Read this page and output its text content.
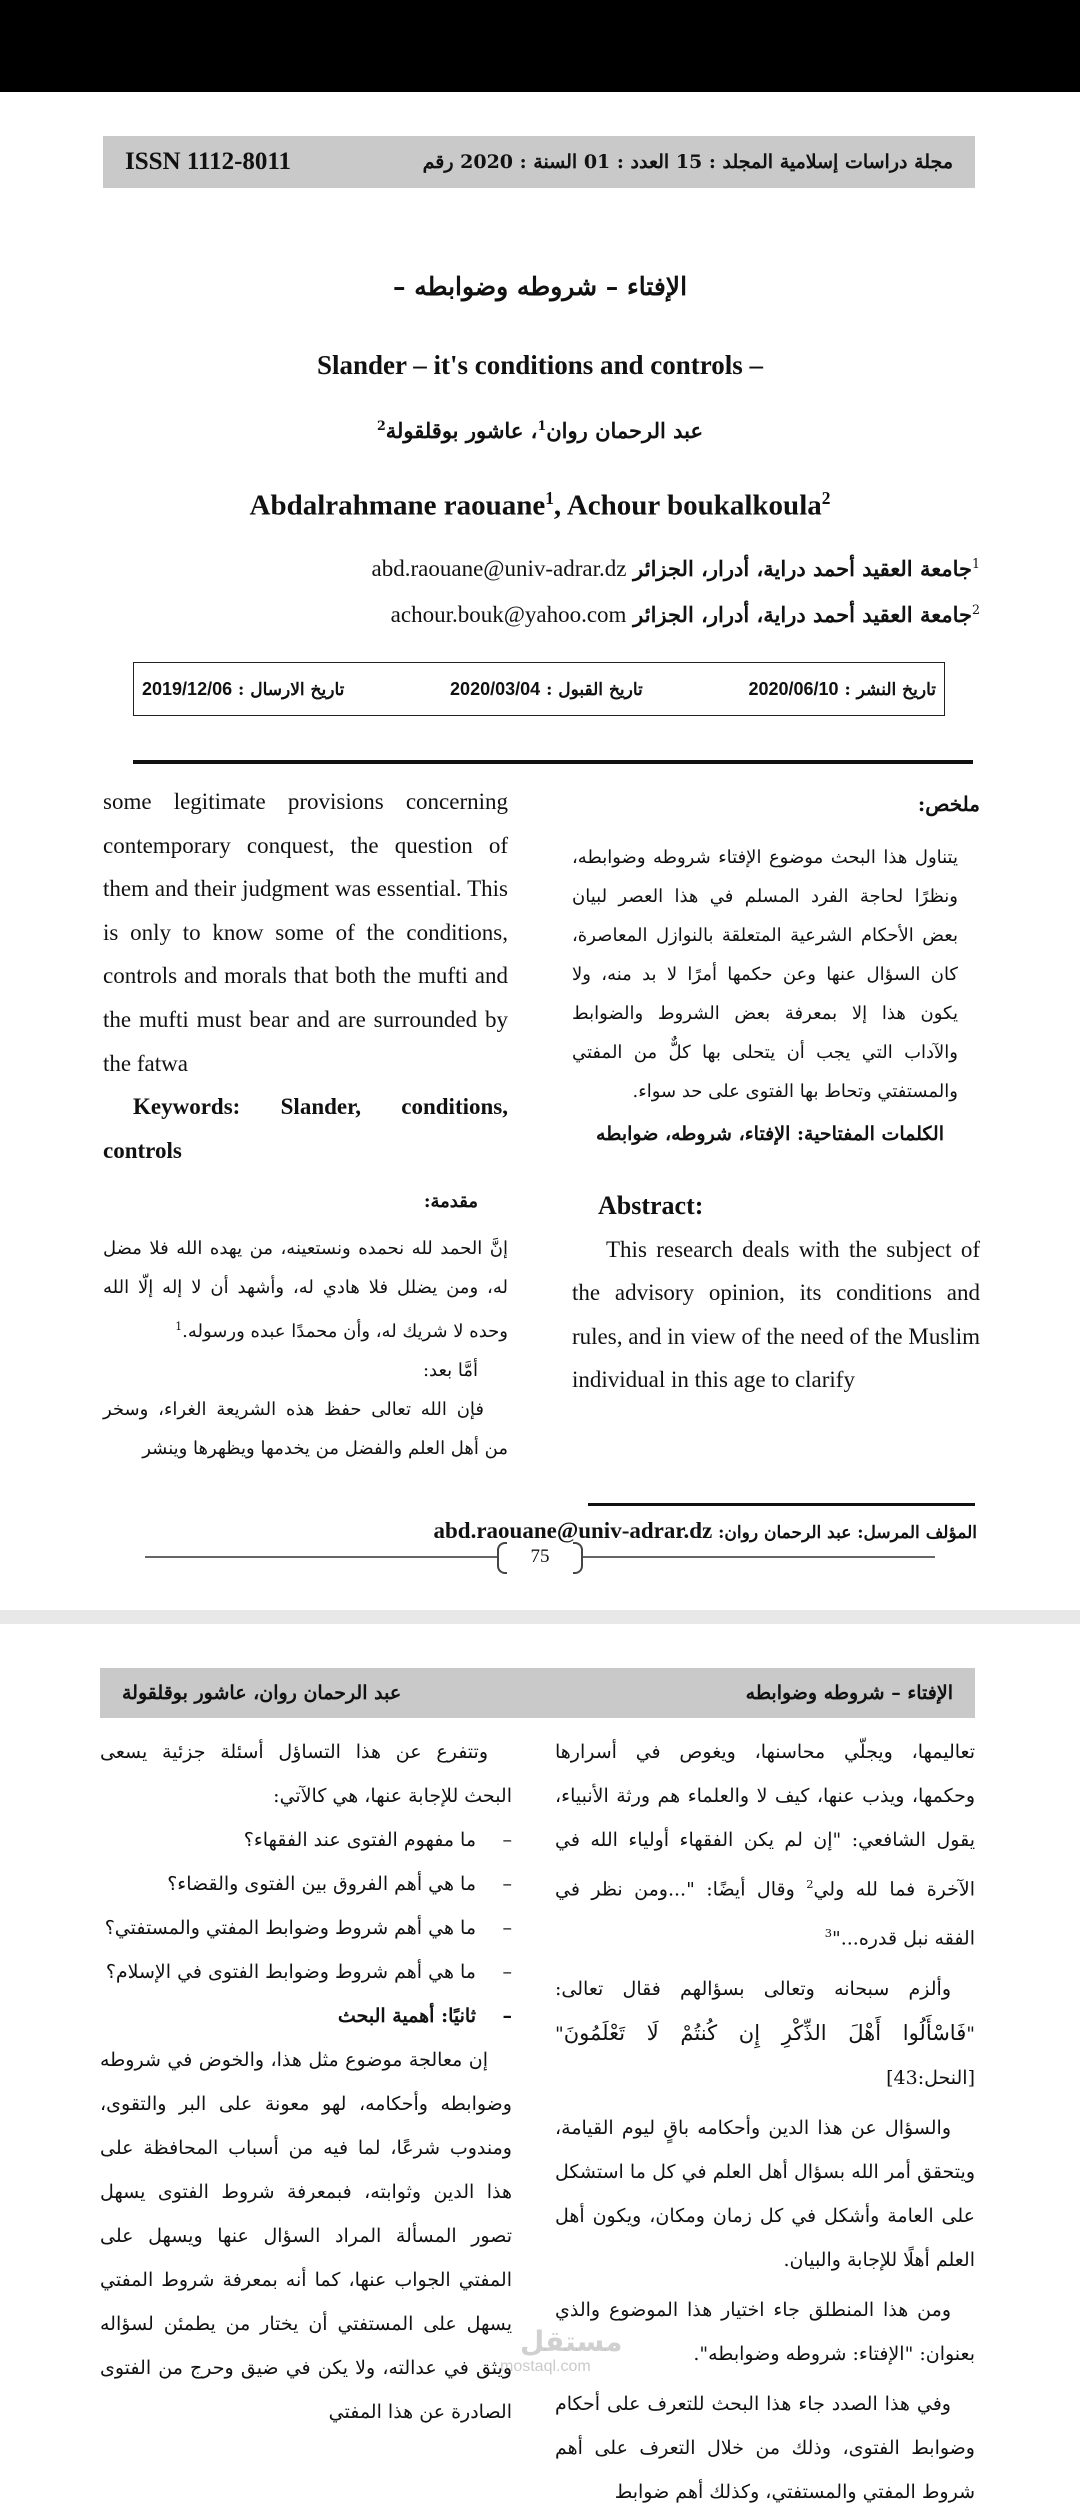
ISSN 1112-8011	مجلة دراسات إسلامية المجلد : 15 العدد : 01 السنة : 2020 رقم
الإفتاء – شروطه وضوابطه –
Slander – it's conditions and controls –
عبد الرحمان روان$^1$، عاشور بوقلقولة$^2$
Abdalrahmane raouane$^1$, Achour boukalkoula$^2$
$^1$جامعة العقيد أحمد دراية، أدرار، الجزائر abd.raouane@univ-adrar.dz
$^2$جامعة العقيد أحمد دراية، أدرار، الجزائر achour.bouk@yahoo.com
تاريخ الارسال : 2019/12/06	تاريخ القبول : 2020/03/04	تاريخ النشر : 2020/06/10
ملخص:
يتناول هذا البحث موضوع الإفتاء شروطه وضوابطه، ونظرًا لحاجة الفرد المسلم في هذا العصر لبيان بعض الأحكام الشرعية المتعلقة بالنوازل المعاصرة، كان السؤال عنها وعن حكمها أمرًا لا بد منه، ولا يكون هذا إلا بمعرفة بعض الشروط والضوابط والآداب التي يجب أن يتحلى بها كلٌّ من المفتي والمستفتي وتحاط بها الفتوى على حد سواء.
الكلمات المفتاحية: الإفتاء، شروطه، ضوابطه
Abstract:
This research deals with the subject of the advisory opinion, its conditions and rules, and in view of the need of the Muslim individual in this age to clarify
some legitimate provisions concerning contemporary conquest, the question of them and their judgment was essential. This is only to know some of the conditions, controls and morals that both the mufti and the mufti must bear and are surrounded by the fatwa
Keywords: Slander, conditions, controls
مقدمة:
إنَّ الحمد لله نحمده ونستعينه، من يهده الله فلا مضل له، ومن يضلل فلا هادي له، وأشهد أن لا إله إلّا الله وحده لا شريك له، وأن محمدًا عبده ورسوله.$^1$
أمَّا بعد:
فإن الله تعالى حفظ هذه الشريعة الغراء، وسخر من أهل العلم والفضل من يخدمها ويظهرها وينشر
المؤلف المرسل: عبد الرحمان روان: abd.raouane@univ-adrar.dz
75
الإفتاء – شروطه وضوابطه
عبد الرحمان روان، عاشور بوقلقولة
تعاليمها، ويجلّي محاسنها، ويغوص في أسرارها وحكمها، ويذب عنها، كيف لا والعلماء هم ورثة الأنبياء، يقول الشافعي: "إن لم يكن الفقهاء أولياء الله في الآخرة فما لله ولي$^2$ وقال أيضًا: "...ومن نظر في الفقه نبل قدره..."$^3$
وألزم سبحانه وتعالى بسؤالهم فقال تعالى: "فَاسْأَلُوا أَهْلَ الذِّكْرِ إِن كُنتُمْ لَا تَعْلَمُونَ" [النحل:43]
والسؤال عن هذا الدين وأحكامه باقٍ ليوم القيامة، ويتحقق أمر الله بسؤال أهل العلم في كل ما استشكل على العامة وأشكل في كل زمان ومكان، ويكون أهل العلم أهلًا للإجابة والبيان.
ومن هذا المنطلق جاء اختيار هذا الموضوع والذي بعنوان: "الإفتاء: شروطه وضوابطه".
وفي هذا الصدد جاء هذا البحث للتعرف على أحكام وضوابط الفتوى، وذلك من خلال التعرف على أهم شروط المفتي والمستفتي، وكذلك أهم ضوابط
وتتفرع عن هذا التساؤل أسئلة جزئية يسعى البحث للإجابة عنها، هي كالآتي:
– ما مفهوم الفتوى عند الفقهاء؟
– ما هي أهم الفروق بين الفتوى والقضاء؟
– ما هي أهم شروط وضوابط المفتي والمستفتي؟
– ما هي أهم شروط وضوابط الفتوى في الإسلام؟
– ثانيًا: أهمية البحث
إن معالجة موضوع مثل هذا، والخوض في شروطه وضوابطه وأحكامه، لهو معونة على البر والتقوى، ومندوب شرعًا، لما فيه من أسباب المحافظة على هذا الدين وثوابته، فبمعرفة شروط الفتوى يسهل تصور المسألة المراد السؤال عنها ويسهل على المفتي الجواب عنها، كما أنه بمعرفة شروط المفتي يسهل على المستفتي أن يختار من يطمئن لسؤاله ويثق في عدالته، ولا يكن في ضيق وحرج من الفتوى الصادرة عن هذا المفتي
مستقل
mostaql.com
